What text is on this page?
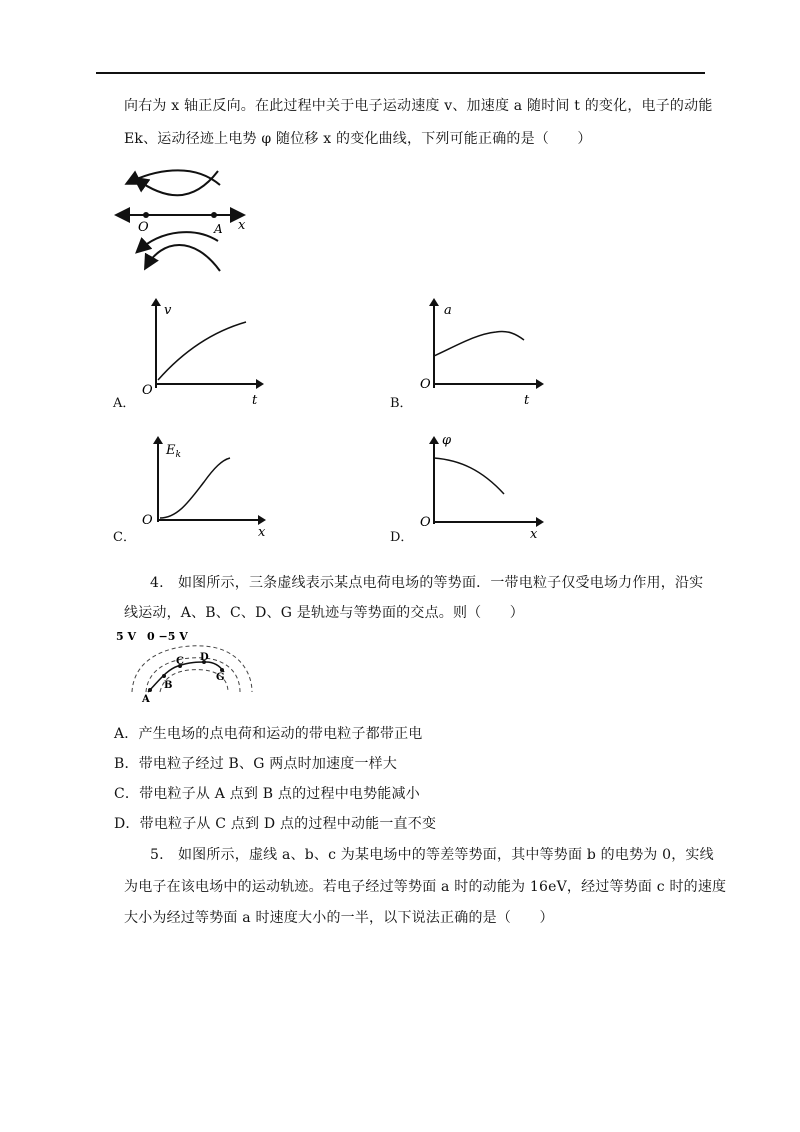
向右为 x 轴正反向。在此过程中关于电子运动速度 v、加速度 a 随时间 t 的变化，电子的动能
Ek、运动径迹上电势 φ 随位移 x 的变化曲线，下列可能正确的是（　　）
O	A x
A．
v
O
t	B．
a
O
t
C．
$E_k$
O
x	D．
φ
O
x
4.　如图所示，三条虚线表示某点电荷电场的等势面．一带电粒子仅受电场力作用，沿实
线运动，A、B、C、D、G 是轨迹与等势面的交点。则（　　）
5 V　0 −5 V
A
B
C D
G
A．产生电场的点电荷和运动的带电粒子都带正电
B．带电粒子经过 B、G 两点时加速度一样大
C．带电粒子从 A 点到 B 点的过程中电势能减小
D．带电粒子从 C 点到 D 点的过程中动能一直不变
5.　如图所示，虚线 a、b、c 为某电场中的等差等势面，其中等势面 b 的电势为 0，实线
为电子在该电场中的运动轨迹。若电子经过等势面 a 时的动能为 16eV，经过等势面 c 时的速度
大小为经过等势面 a 时速度大小的一半，以下说法正确的是（　　）
